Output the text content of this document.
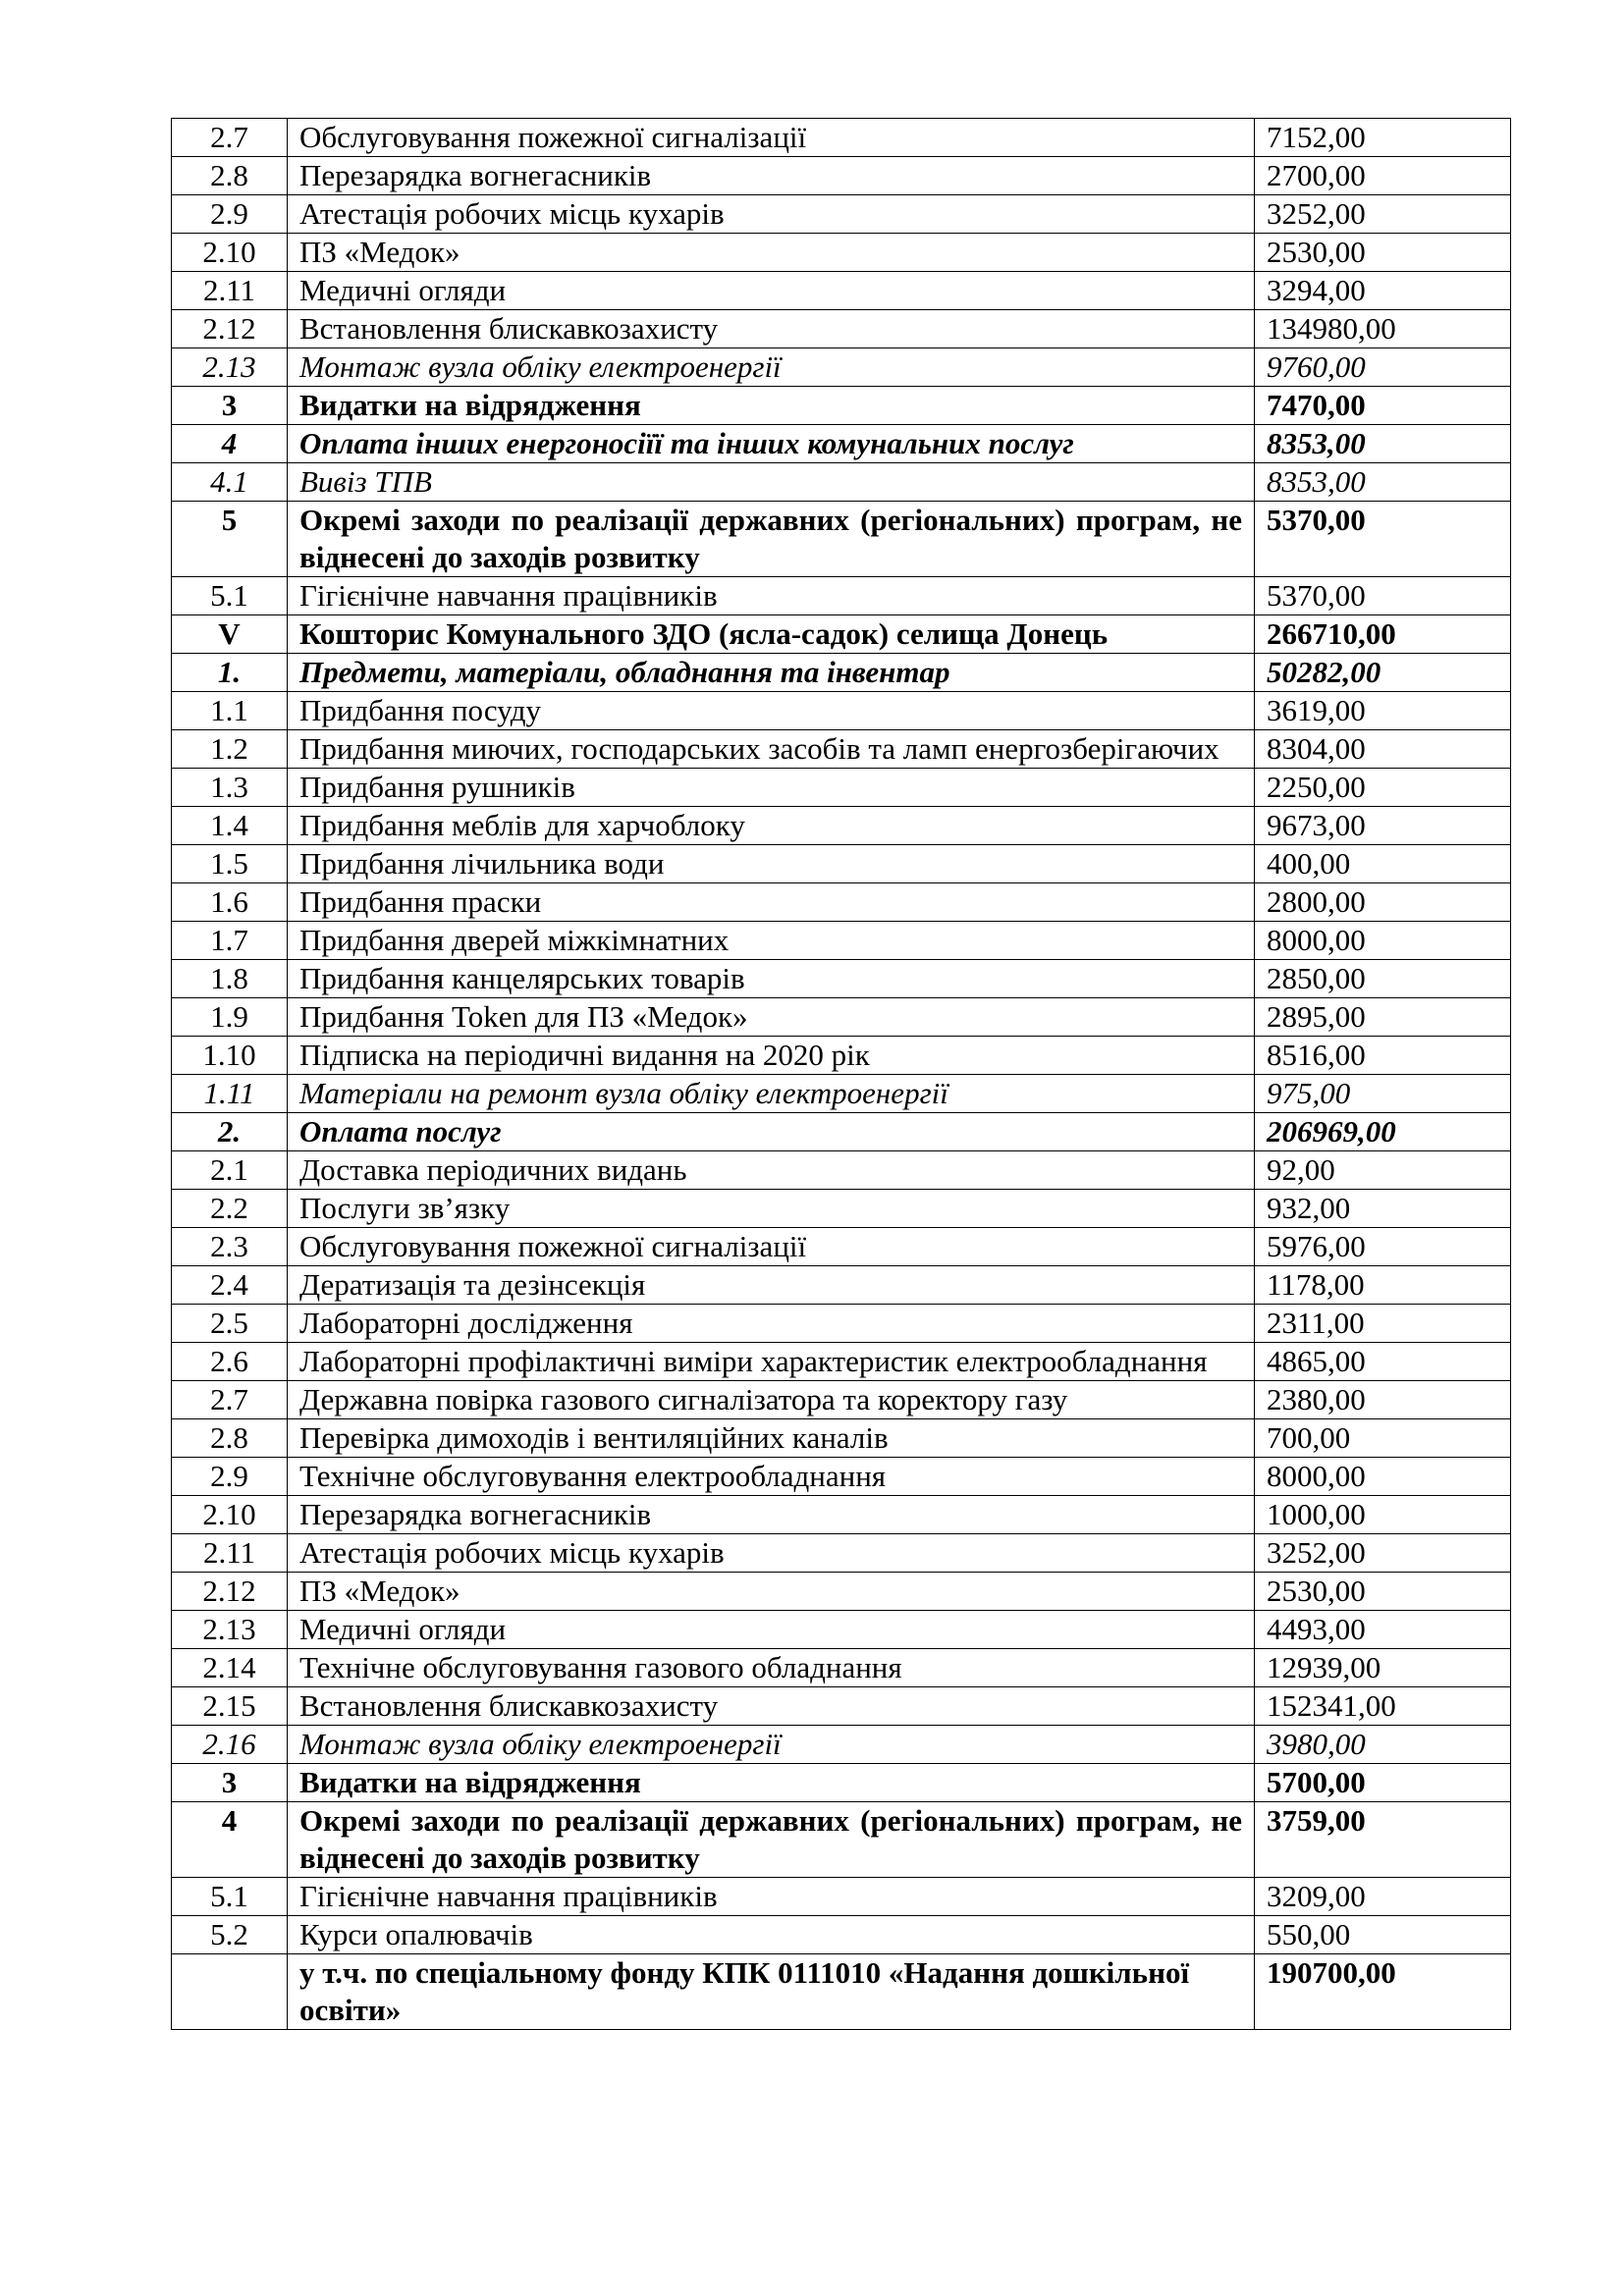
2.7	Обслуговування пожежної сигналізації	7152,00
2.8	Перезарядка вогнегасників	2700,00
2.9	Атестація робочих місць кухарів	3252,00
2.10	ПЗ «Медок»	2530,00
2.11	Медичні огляди	3294,00
2.12	Встановлення блискавкозахисту	134980,00
2.13	Монтаж вузла обліку електроенергії	9760,00
3	Видатки на відрядження	7470,00
4	Оплата інших енергоносіїї та інших комунальних послуг	8353,00
4.1	Вивіз ТПВ	8353,00
5	Окремі заходи по реалізації державних (регіональних) програм, не віднесені до заходів розвитку	5370,00
5.1	Гігієнічне навчання працівників	5370,00
V	Кошторис Комунального ЗДО (ясла-садок) селища Донець	266710,00
1.	Предмети, матеріали, обладнання та інвентар	50282,00
1.1	Придбання посуду	3619,00
1.2	Придбання миючих, господарських засобів та ламп енергозберігаючих	8304,00
1.3	Придбання рушників	2250,00
1.4	Придбання меблів для харчоблоку	9673,00
1.5	Придбання лічильника води	400,00
1.6	Придбання праски	2800,00
1.7	Придбання дверей міжкімнатних	8000,00
1.8	Придбання канцелярських товарів	2850,00
1.9	Придбання Token для ПЗ «Медок»	2895,00
1.10	Підписка на періодичні видання на 2020 рік	8516,00
1.11	Матеріали на ремонт вузла обліку електроенергії	975,00
2.	Оплата послуг	206969,00
2.1	Доставка періодичних видань	92,00
2.2	Послуги зв’язку	932,00
2.3	Обслуговування пожежної сигналізації	5976,00
2.4	Дератизація та дезінсекція	1178,00
2.5	Лабораторні дослідження	2311,00
2.6	Лабораторні профілактичні виміри характеристик електрообладнання	4865,00
2.7	Державна повірка газового сигналізатора та коректору газу	2380,00
2.8	Перевірка димоходів і вентиляційних каналів	700,00
2.9	Технічне обслуговування електрообладнання	8000,00
2.10	Перезарядка вогнегасників	1000,00
2.11	Атестація робочих місць кухарів	3252,00
2.12	ПЗ «Медок»	2530,00
2.13	Медичні огляди	4493,00
2.14	Технічне обслуговування газового обладнання	12939,00
2.15	Встановлення блискавкозахисту	152341,00
2.16	Монтаж вузла обліку електроенергії	3980,00
3	Видатки на відрядження	5700,00
4	Окремі заходи по реалізації державних (регіональних) програм, не віднесені до заходів розвитку	3759,00
5.1	Гігієнічне навчання працівників	3209,00
5.2	Курси опалювачів	550,00
	у т.ч. по спеціальному фонду КПК 0111010 «Надання дошкільної освіти»	190700,00
